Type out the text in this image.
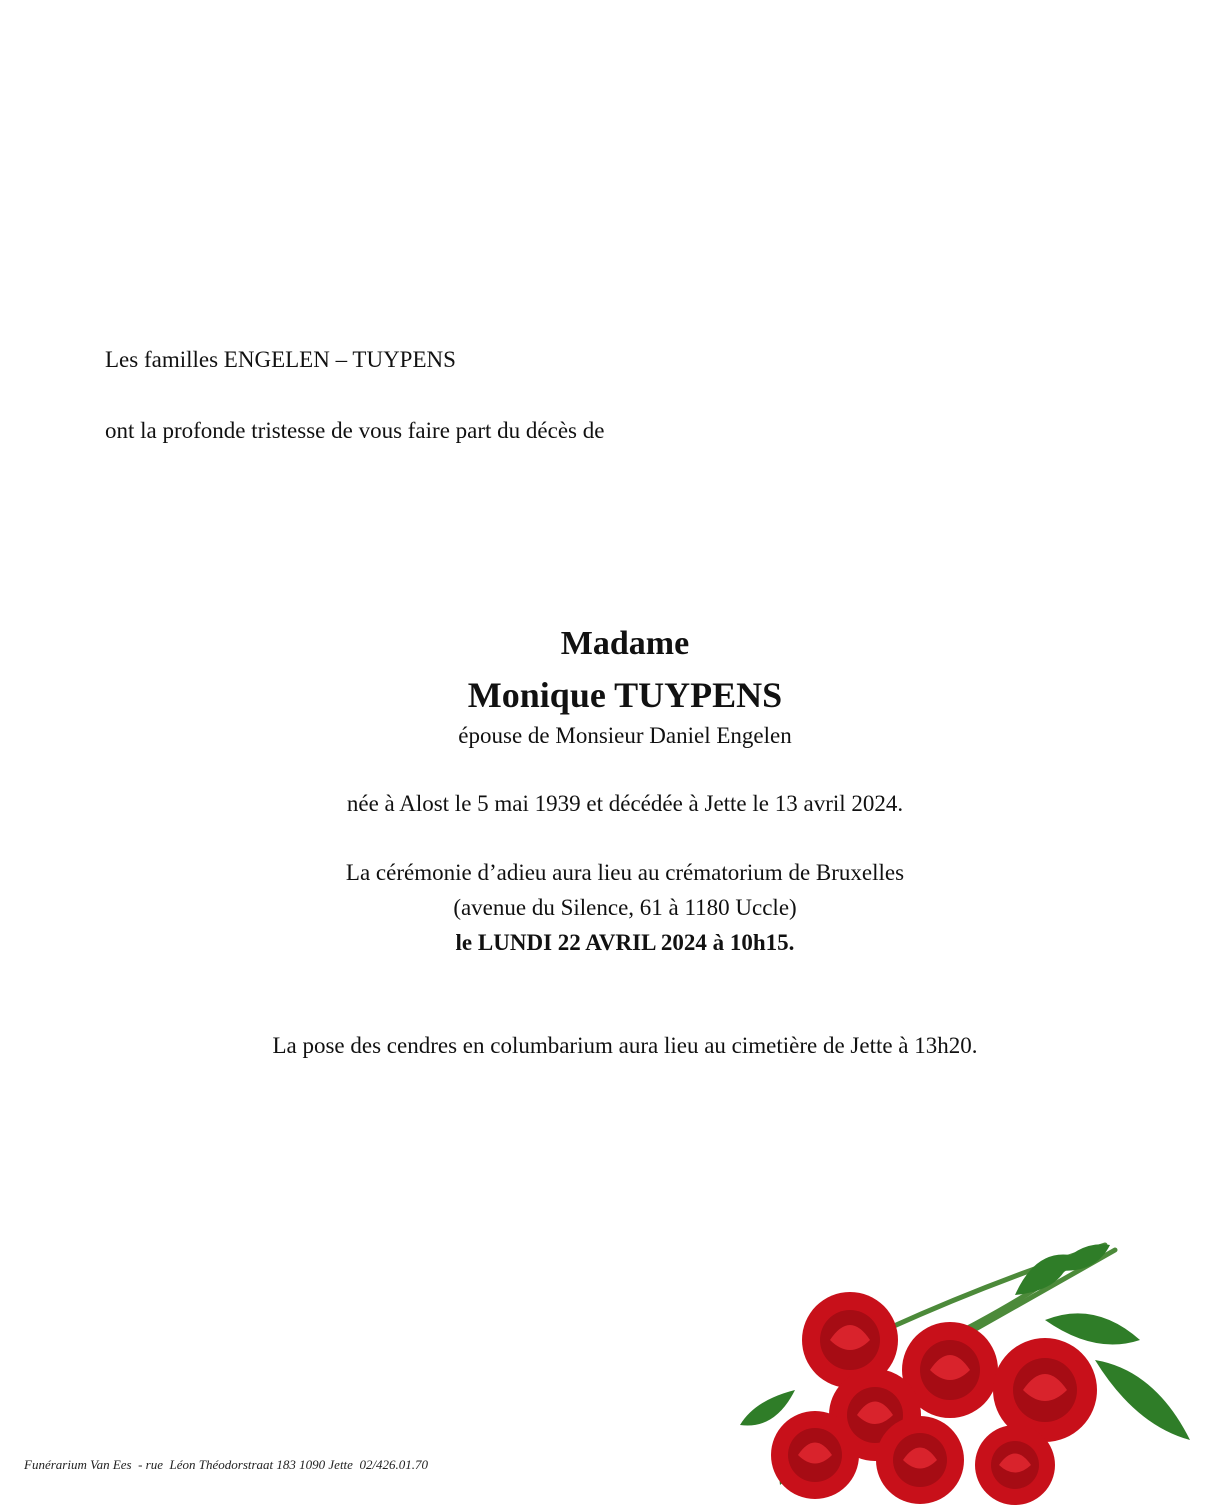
Les familles ENGELEN – TUYPENS
ont la profonde tristesse de vous faire part du décès de
Madame
Monique TUYPENS
épouse de Monsieur Daniel Engelen
née à Alost le 5 mai 1939 et décédée à Jette le 13 avril 2024.
La cérémonie d’adieu aura lieu au crématorium de Bruxelles
(avenue du Silence, 61 à 1180 Uccle)
le LUNDI 22 AVRIL 2024 à 10h15.
La pose des cendres en columbarium aura lieu au cimetière de Jette à 13h20.
Funérarium Van Ees  - rue  Léon Théodorstraat 183 1090 Jette  02/426.01.70
